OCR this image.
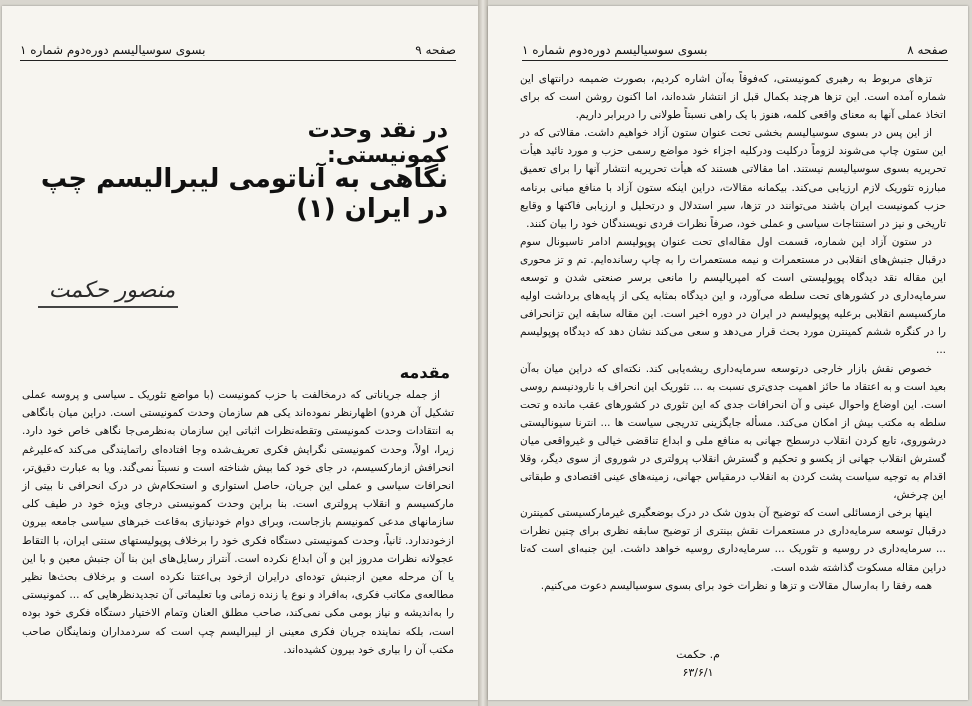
صفحه ۹
بسوی سوسیالیسم دوره‌دوم شماره ۱
در نقد وحدت کمونیستی:
نگاهی به آناتومی لیبرالیسم چپ در ایران (۱)
منصور حکمت
مقدمه

از جمله جریاناتی که درمخالفت با حزب کمونیست (با مواضع تئوریک ـ سیاسی و پروسه عملی تشکیل آن هردو) اظهارنظر نموده‌اند یکی هم سازمان وحدت کمونیستی است. دراین میان بانگاهی به انتقادات وحدت کمونیستی وتقطه‌نظرات اثباتی این سازمان به‌نظرمی‌جا نگاهی خاص خود دارد. زیرا، اولاً، وحدت کمونیستی نگرایش فکری تعریف‌شده وجا افتاده‌ای راتمایندگی می‌کند که‌علیرغم انحرافش ازمارکسیسم، در جای خود کما بیش شناخته است و نسبتاً نمی‌گند. ویا به عبارت دقیق‌تر، انحرافات سیاسی و عملی این جریان، حاصل استواری و استحکام‌ش در درک انحرافی نا بیتی از مارکسیسم و انقلاب پرولتری است. بنا براین وحدت کمونیستی درجای ویژه خود در طیف کلی سازمانهای مدعی کمونیسم بازجاست، وبرای دوام خودنیازی به‌قاعت خبرهای سیاسی جامعه بیرون ازخودندارد. ثانیاً، وحدت کمونیستی دستگاه فکری خود را برخلاف پوپولیستهای سنتی ایران، با التقاط عجولانه نظرات مدروز این و آن ابداع نکرده است. آنتراز رسایل‌های این بنا آن جنبش معین و با این یا آن مرحله معین ازجنبش توده‌ای درایران ازخود بی‌اعتنا نکرده است و برخلاف بحث‌ها نظیر مطالعه‌ی مکاتب فکری، به‌افراد و نوع یا زنده زمانی وبا تعلیماتی آن تجدیدنظرهایی که ... کمونیستی را به‌اندیشه و نیاز بومی مکی نمی‌کند، صاحب مطلق العنان وتمام الاختیار دستگاه فکری خود بوده است، بلکه نماینده جریان فکری معینی از لیبرالیسم چپ است که سردمداران ونماینگان صاحب مکتب آن را بیاری خود بیرون کشیده‌اند.

صفحه ۸
بسوی سوسیالیسم دوره‌دوم شماره ۱

تزهای مربوط به رهبری کمونیستی، که‌فوقاً به‌آن اشاره کردیم، بصورت ضمیمه درانتهای این شماره آمده است. این تزها هرچند بکمال قبل از انتشار شده‌اند، اما اکنون روشن است که برای اتخاذ عملی آنها به معنای واقعی کلمه، هنوز با یک راهی نسبتاً طولانی را دربرابر داریم.

از این پس در بسوی سوسیالیسم بخشی تحت عنوان ستون آزاد خواهیم داشت. مقالاتی که در این ستون چاپ می‌شوند لزوماً درکلیت ودرکلیه اجزاء خود مواضع رسمی حزب و مورد تائید هیأت تحریریه بسوی سوسیالیسم نیستند. اما مقالاتی هستند که هیأت تحریریه انتشار آنها را برای تعمیق مبارزه تئوریک لازم ارزیابی می‌کند. بیکمانه مقالات، دراین اینکه ستون آزاد با منافع مبانی برنامه حزب کمونیست ایران باشند می‌توانند در تزها، سیر استدلال و درتحلیل و ارزیابی فاکتها و وقایع تاریخی و نیز در استنتاجات سیاسی و عملی خود، صرفاً نظرات فردی نویسندگان خود را بیان کنند.

در ستون آزاد این شماره، قسمت اول مقاله‌ای تحت عنوان پوپولیسم ادامر تاسیونال سوم درقبال جنبش‌های انقلابی در مستعمرات و نیمه مستعمرات را به چاپ رسانده‌ایم. تم و تز محوری این مقاله نقد دیدگاه پوپولیستی است که امپریالیسم را مانعی برسر صنعتی شدن و توسعه سرمایه‌داری در کشورهای تحت سلطه می‌آورد، و این دیدگاه بمثابه یکی از پایه‌های برداشت اولیه مارکسیسم انقلابی برعلیه پوپولیسم در ایران در دوره اخیر است. این مقاله سابقه این تزانحرافی را در کنگره ششم کمینترن مورد بحث قرار می‌دهد و سعی می‌کند نشان دهد که دیدگاه پوپولیسم ...

خصوص نقش بازار خارجی درتوسعه سرمایه‌داری ریشه‌یابی کند. نکته‌ای که دراین میان به‌آن بعید است و به اعتقاد ما حائز اهمیت جدی‌تری نسبت به ... تئوریک این انحراف با نارودنیسم روسی است. این اوضاع واحوال عینی و آن انحرافات جدی که این تئوری در کشورهای عقب مانده و تحت سلطه به مکتب بیش از امکان می‌کند. مسأله جایگزینی تدریجی سیاست ها ... انترنا سیونالیستی درشوروی، تابع کردن انقلاب درسطح جهانی به منافع ملی و ابداع تناقضی خیالی و غیرواقعی میان گسترش انقلاب جهانی از یکسو و تحکیم و گسترش انقلاب پرولتری در شوروی از سوی دیگر، وقلا اقدام به توجیه سیاست پشت کردن به انقلاب درمقیاس جهانی، زمینه‌های عینی اقتصادی و طبقاتی این چرخش،

اینها برخی ازمسائلی است که توضیح آن بدون شک در درک بوضعگیری غیرمارکسیستی کمینترن درقبال توسعه سرمایه‌داری در مستعمرات نقش بینتری از توضیح سابقه نظری برای چنین نظرات ... سرمایه‌داری در روسیه و تئوریک ... سرمایه‌داری روسیه خواهد داشت. این جنبه‌ای است که‌تا دراین مقاله مسکوت گذاشته شده است.

همه رفقا را به‌ارسال مقالات و تزها و نظرات خود برای بسوی سوسیالیسم دعوت می‌کنیم.

م. حکمت
۶۳/۶/۱
